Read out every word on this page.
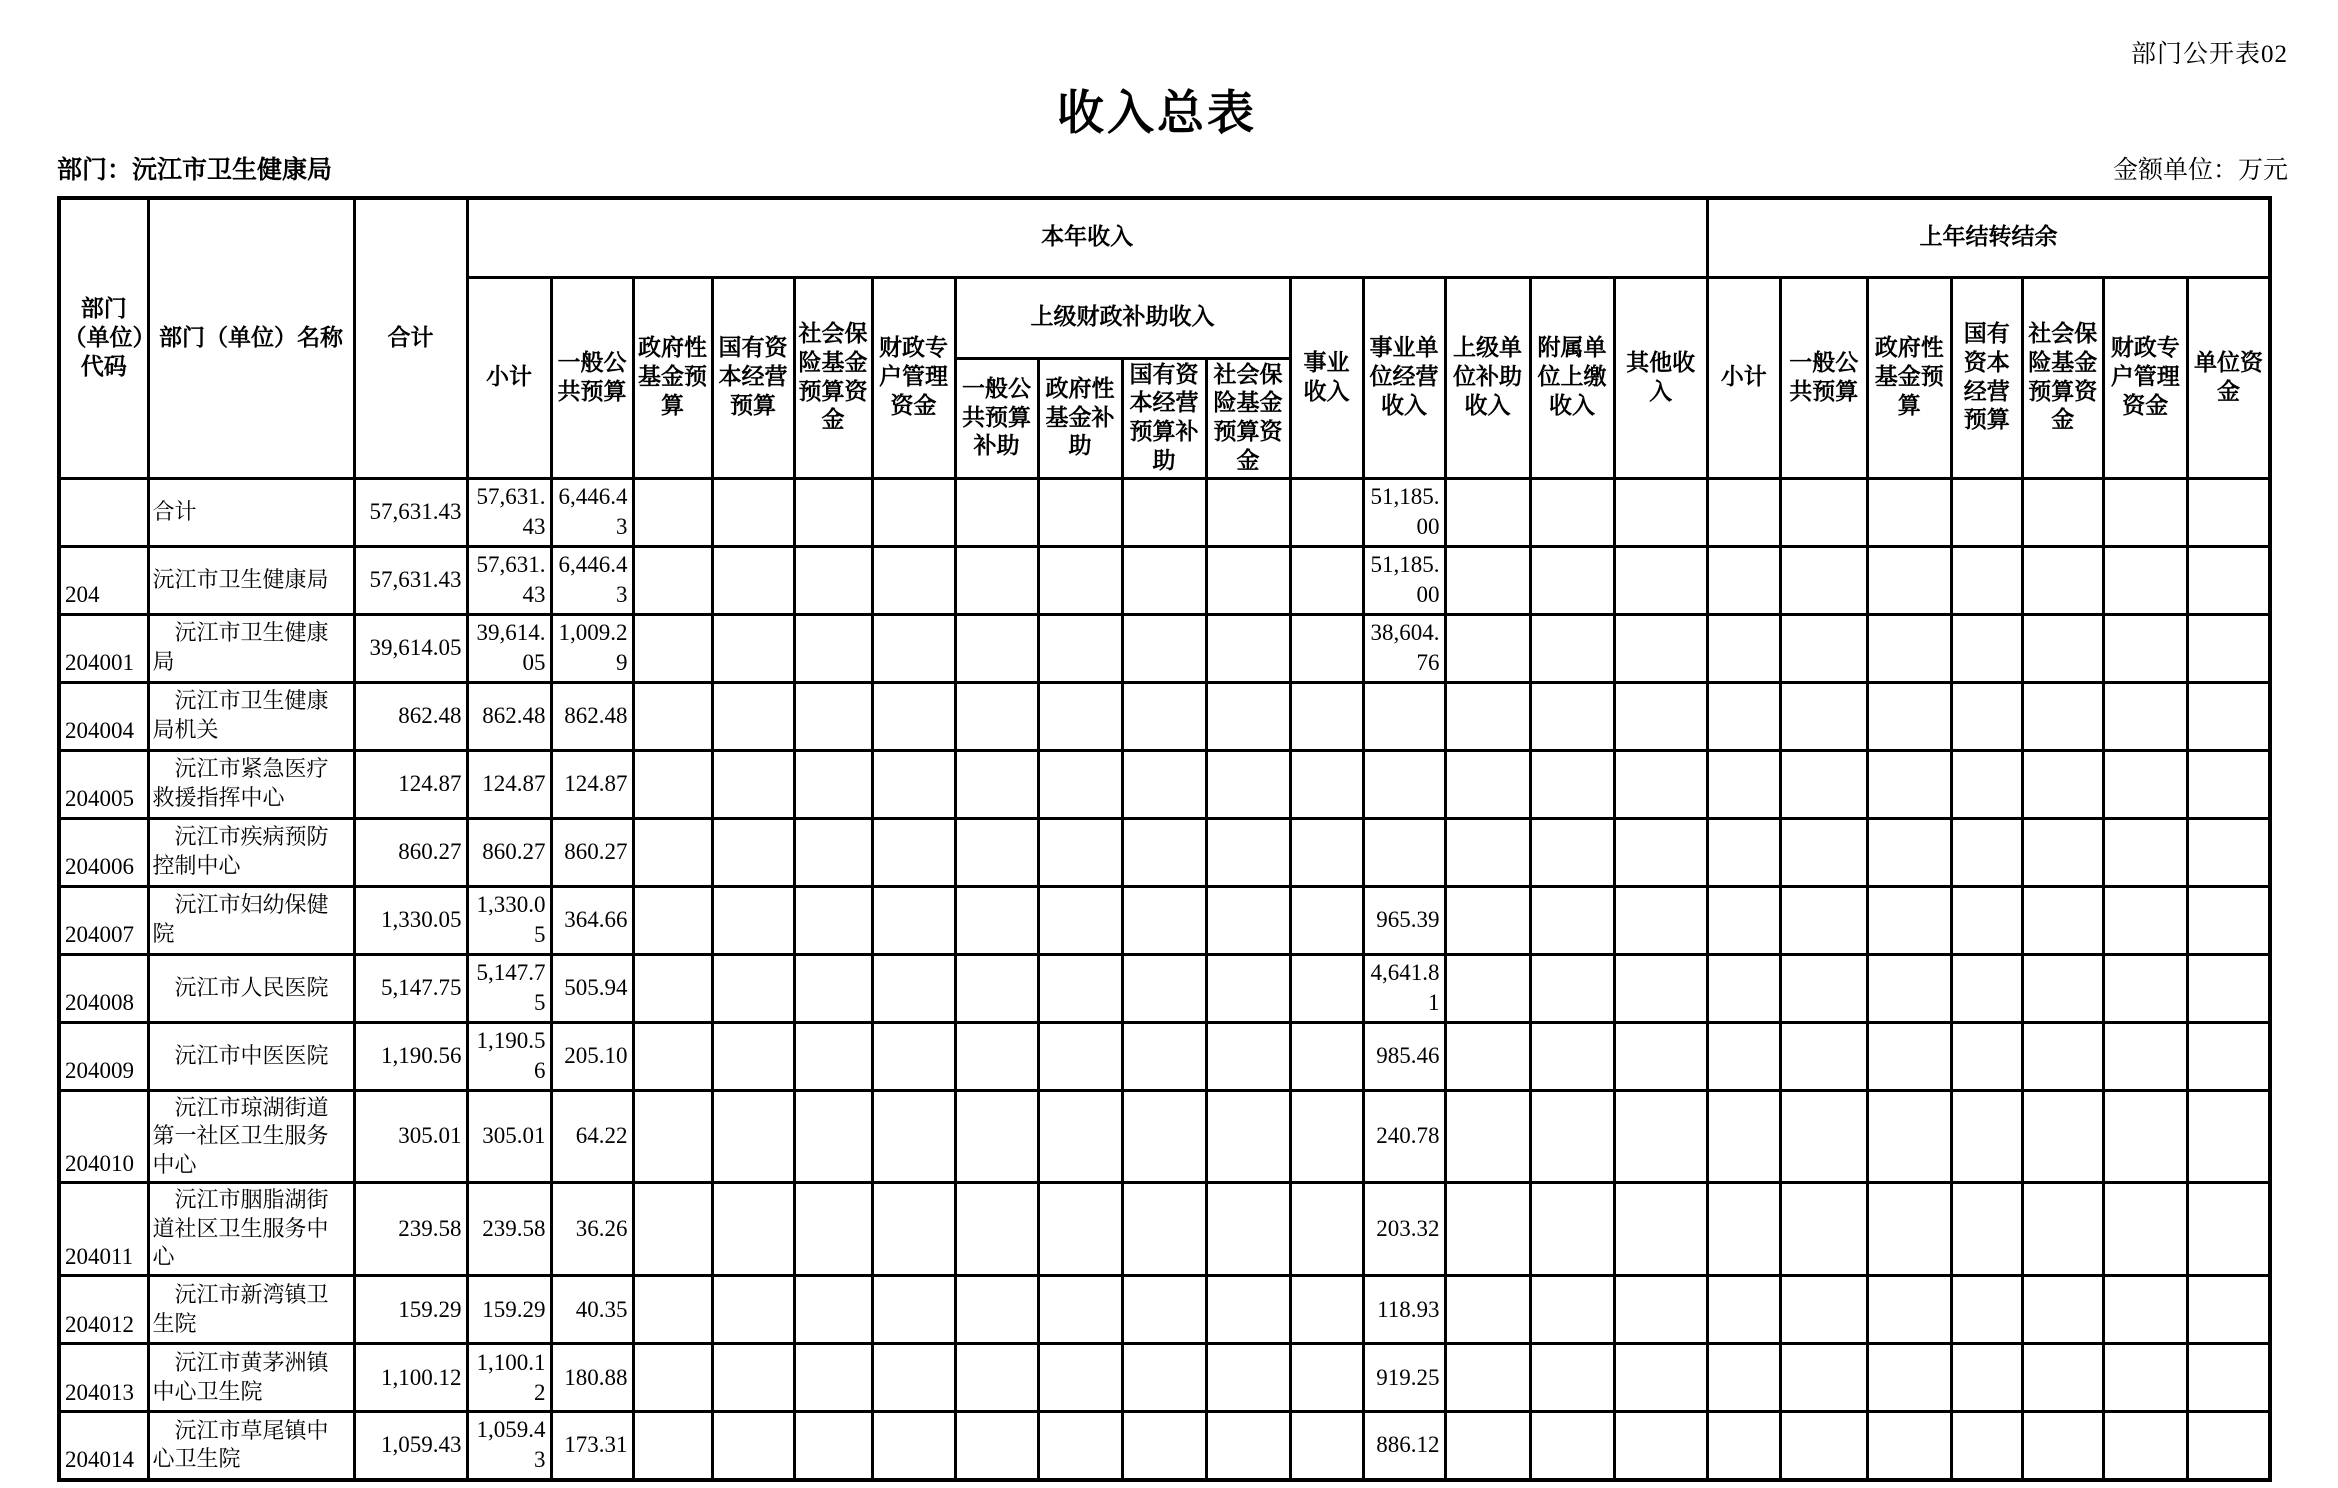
部门公开表02
收入总表
部门：沅江市卫生健康局	金额单位：万元
部门（单位）代码	部门（单位）名称	合计	本年收入															上年结转结余						
			小计	一般公共预算	政府性基金预算	国有资本经营预算	社会保险基金预算资金	财政专户管理资金	上级财政补助收入				事业收入	事业单位经营收入	上级单位补助收入	附属单位上缴收入	其他收入	小计	一般公共预算	政府性基金预算	国有资本经营预算	社会保险基金预算资金	财政专户管理资金	单位资金
									一般公共预算补助	政府性基金补助	国有资本经营预算补助	社会保险基金预算资金												
	合计	57,631.43	57,631.43	6,446.43										51,185.00										
204	沅江市卫生健康局	57,631.43	57,631.43	6,446.43										51,185.00										
204001	沅江市卫生健康局	39,614.05	39,614.05	1,009.29										38,604.76										
204004	沅江市卫生健康局机关	862.48	862.48	862.48																				
204005	沅江市紧急医疗救援指挥中心	124.87	124.87	124.87																				
204006	沅江市疾病预防控制中心	860.27	860.27	860.27																				
204007	沅江市妇幼保健院	1,330.05	1,330.05	364.66										965.39										
204008	沅江市人民医院	5,147.75	5,147.75	505.94										4,641.81										
204009	沅江市中医医院	1,190.56	1,190.56	205.10										985.46										
204010	沅江市琼湖街道第一社区卫生服务中心	305.01	305.01	64.22										240.78										
204011	沅江市胭脂湖街道社区卫生服务中心	239.58	239.58	36.26										203.32										
204012	沅江市新湾镇卫生院	159.29	159.29	40.35										118.93										
204013	沅江市黄茅洲镇中心卫生院	1,100.12	1,100.12	180.88										919.25										
204014	沅江市草尾镇中心卫生院	1,059.43	1,059.43	173.31										886.12										
